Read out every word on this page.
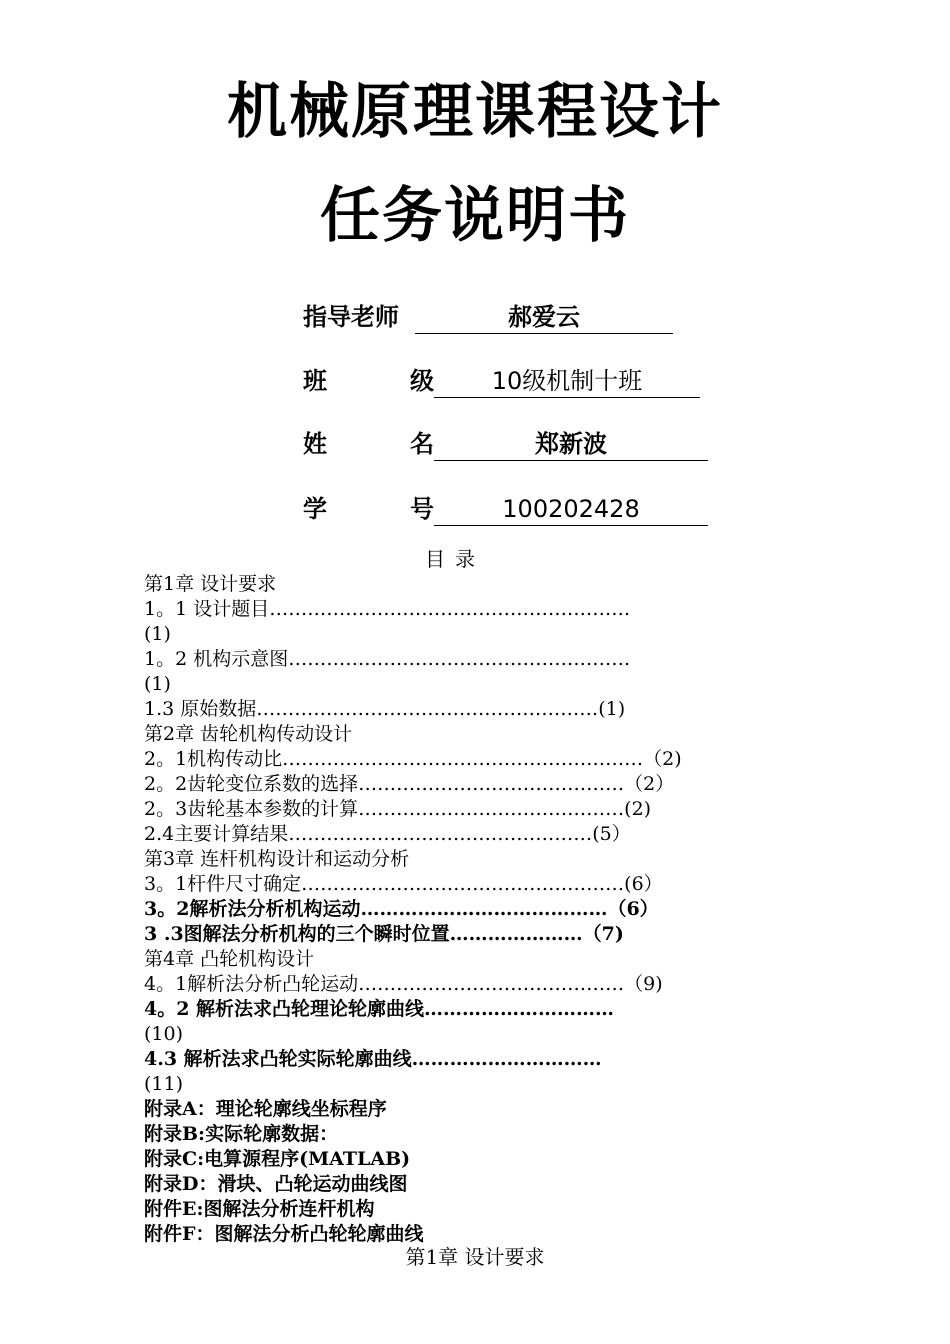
机械原理课程设计
任务说明书
指导老师	郝爱云
班	级 10级机制十班
姓	名	郑新波
学	号	100202428
目录
第1章 设计要求
1。1 设计题目…………………………………………………
(1)
1。2 机构示意图………………………………………………
(1)
1.3 原始数据………………………………………………(1)
第2章 齿轮机构传动设计
2。1机构传动比…………………………………………………（2)
2。2齿轮变位系数的选择……………………………………（2）
2。3齿轮基本参数的计算……………………………………(2)
2.4主要计算结果…………………………………………(5）
第3章 连杆机构设计和运动分析
3。1杆件尺寸确定……………………………………………(6）
3。2解析法分析机构运动…………………………………（6）
3 .3图解法分析机构的三个瞬时位置…………………（7)
第4章 凸轮机构设计
4。1解析法分析凸轮运动……………………………………（9)
4。2 解析法求凸轮理论轮廓曲线…………………………
(10)
4.3 解析法求凸轮实际轮廓曲线…………………………
(11)
附录A：理论轮廓线坐标程序
附录B:实际轮廓数据：
附录C:电算源程序(MATLAB)
附录D：滑块、凸轮运动曲线图
附件E:图解法分析连杆机构
附件F：图解法分析凸轮轮廓曲线
第1章 设计要求
